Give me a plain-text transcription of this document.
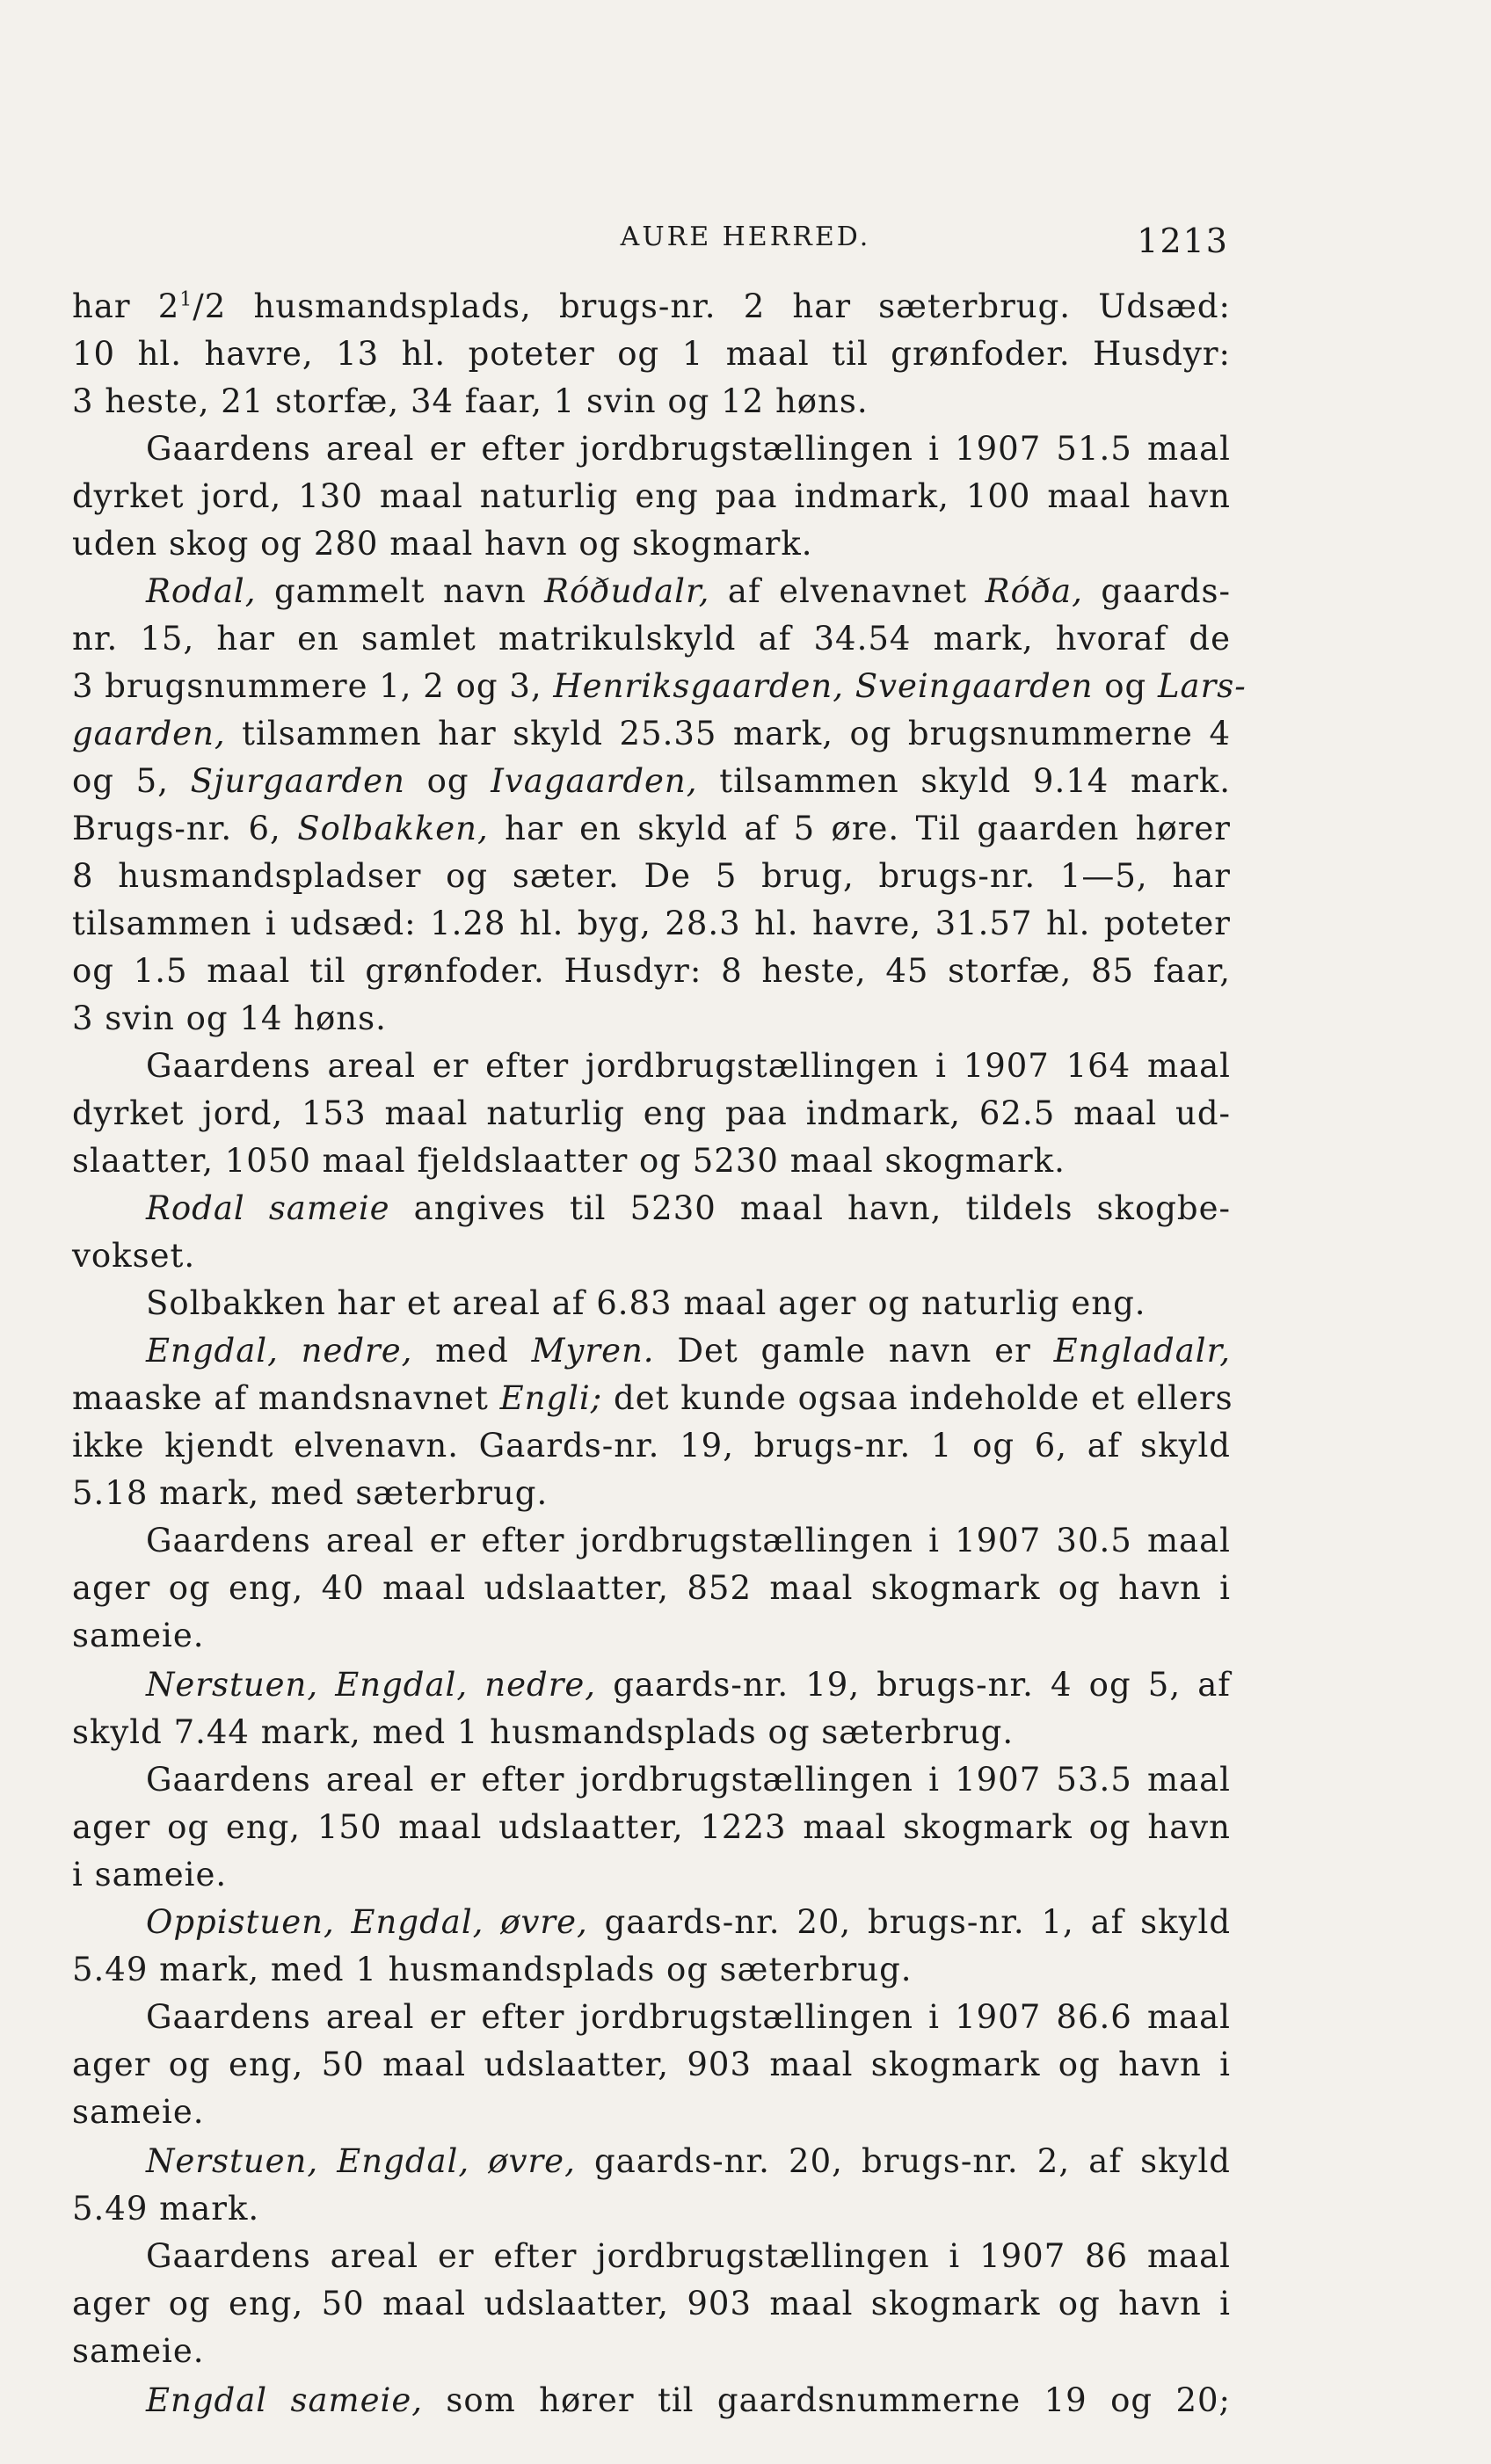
AURE HERRED.	1213
har $2^1/2$ husmandsplads, brugs-nr. 2 har sæterbrug. Udsæd:
10 hl. havre, 13 hl. poteter og 1 maal til grønfoder. Husdyr:
3 heste, 21 storfæ, 34 faar, 1 svin og 12 høns.
Gaardens areal er efter jordbrugstællingen i 1907 51.5 maal
dyrket jord, 130 maal naturlig eng paa indmark, 100 maal havn
uden skog og 280 maal havn og skogmark.
Rodal, gammelt navn Róðudalr, af elvenavnet Róða, gaards-
nr. 15, har en samlet matrikulskyld af 34.54 mark, hvoraf de
3 brugsnummere 1, 2 og 3, Henriksgaarden, Sveingaarden og Lars-
gaarden, tilsammen har skyld 25.35 mark, og brugsnummerne 4
og 5, Sjurgaarden og Ivagaarden, tilsammen skyld 9.14 mark.
Brugs-nr. 6, Solbakken, har en skyld af 5 øre. Til gaarden hører
8 husmandspladser og sæter. De 5 brug, brugs-nr. 1—5, har
tilsammen i udsæd: 1.28 hl. byg, 28.3 hl. havre, 31.57 hl. poteter
og 1.5 maal til grønfoder. Husdyr: 8 heste, 45 storfæ, 85 faar,
3 svin og 14 høns.
Gaardens areal er efter jordbrugstællingen i 1907 164 maal
dyrket jord, 153 maal naturlig eng paa indmark, 62.5 maal ud-
slaatter, 1050 maal fjeldslaatter og 5230 maal skogmark.
Rodal sameie angives til 5230 maal havn, tildels skogbe-
vokset.
Solbakken har et areal af 6.83 maal ager og naturlig eng.
Engdal, nedre, med Myren. Det gamle navn er Engladalr,
maaske af mandsnavnet Engli; det kunde ogsaa indeholde et ellers
ikke kjendt elvenavn. Gaards-nr. 19, brugs-nr. 1 og 6, af skyld
5.18 mark, med sæterbrug.
Gaardens areal er efter jordbrugstællingen i 1907 30.5 maal
ager og eng, 40 maal udslaatter, 852 maal skogmark og havn i
sameie.
Nerstuen, Engdal, nedre, gaards-nr. 19, brugs-nr. 4 og 5, af
skyld 7.44 mark, med 1 husmandsplads og sæterbrug.
Gaardens areal er efter jordbrugstællingen i 1907 53.5 maal
ager og eng, 150 maal udslaatter, 1223 maal skogmark og havn
i sameie.
Oppistuen, Engdal, øvre, gaards-nr. 20, brugs-nr. 1, af skyld
5.49 mark, med 1 husmandsplads og sæterbrug.
Gaardens areal er efter jordbrugstællingen i 1907 86.6 maal
ager og eng, 50 maal udslaatter, 903 maal skogmark og havn i
sameie.
Nerstuen, Engdal, øvre, gaards-nr. 20, brugs-nr. 2, af skyld
5.49 mark.
Gaardens areal er efter jordbrugstællingen i 1907 86 maal
ager og eng, 50 maal udslaatter, 903 maal skogmark og havn i
sameie.
Engdal sameie, som hører til gaardsnummerne 19 og 20;
